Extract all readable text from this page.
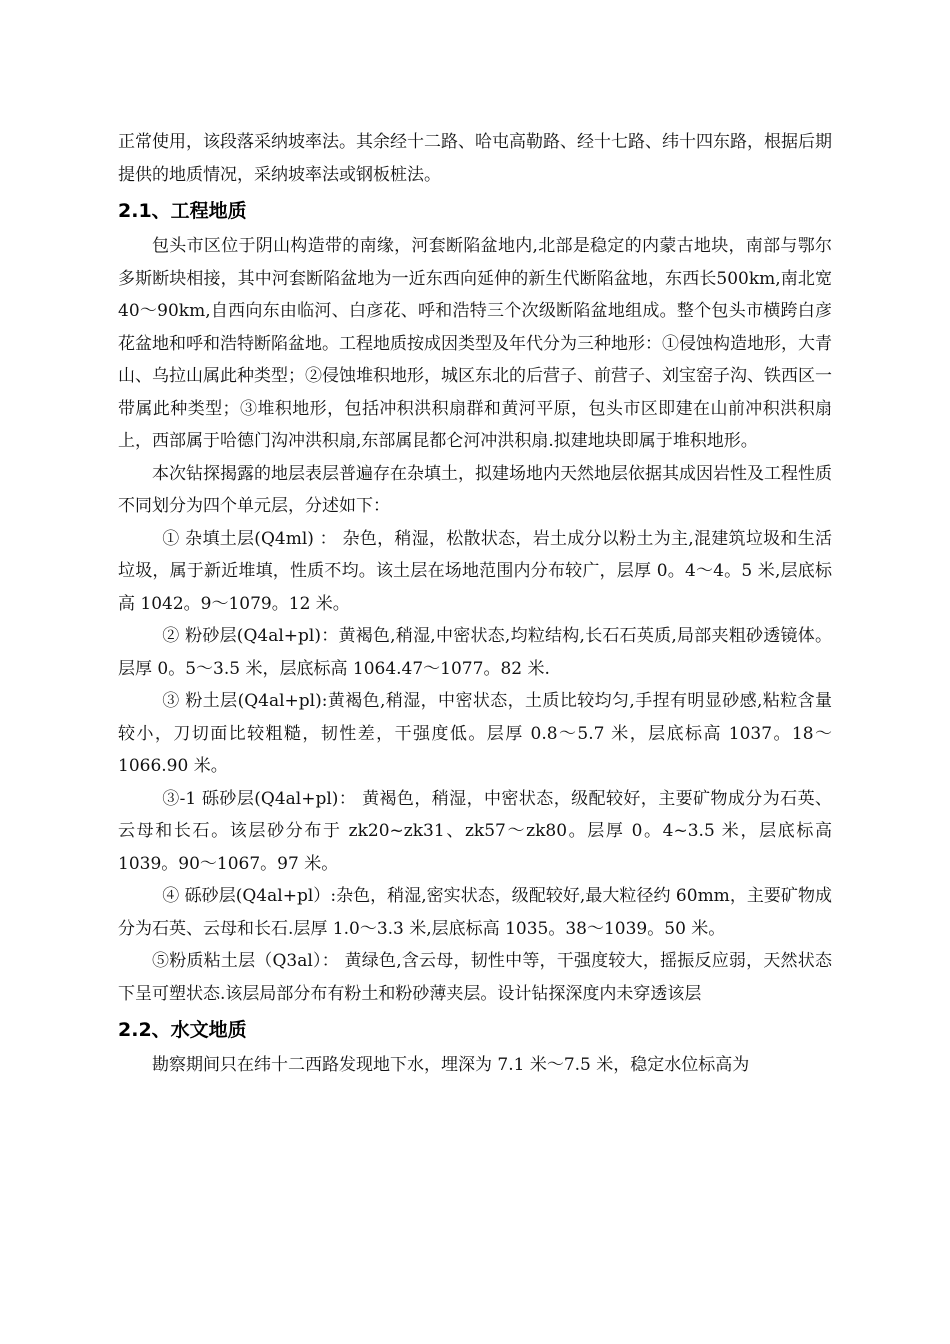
正常使用，该段落采纳坡率法。其余经十二路、哈屯高勒路、经十七路、纬十四东路，根据后期提供的地质情况，采纳坡率法或钢板桩法。

2.1、工程地质

包头市区位于阴山构造带的南缘，河套断陷盆地内,北部是稳定的内蒙古地块，南部与鄂尔多斯断块相接，其中河套断陷盆地为一近东西向延伸的新生代断陷盆地，东西长500km,南北宽40～90km,自西向东由临河、白彦花、呼和浩特三个次级断陷盆地组成。整个包头市横跨白彦花盆地和呼和浩特断陷盆地。工程地质按成因类型及年代分为三种地形：①侵蚀构造地形，大青山、乌拉山属此种类型；②侵蚀堆积地形，城区东北的后营子、前营子、刘宝窑子沟、铁西区一带属此种类型；③堆积地形，包括冲积洪积扇群和黄河平原，包头市区即建在山前冲积洪积扇上，西部属于哈德门沟冲洪积扇,东部属昆都仑河冲洪积扇.拟建地块即属于堆积地形。

本次钻探揭露的地层表层普遍存在杂填土，拟建场地内天然地层依据其成因岩性及工程性质不同划分为四个单元层，分述如下：

① 杂填土层(Q4ml) ： 杂色，稍湿，松散状态，岩土成分以粉土为主,混建筑垃圾和生活垃圾，属于新近堆填，性质不均。该土层在场地范围内分布较广，层厚 0。4～4。5 米,层底标高 1042。9～1079。12 米。

② 粉砂层(Q4al+pl)：黄褐色,稍湿,中密状态,均粒结构,长石石英质,局部夹粗砂透镜体。层厚 0。5～3.5 米，层底标高 1064.47～1077。82 米.

③ 粉土层(Q4al+pl):黄褐色,稍湿，中密状态，土质比较均匀,手捏有明显砂感,粘粒含量较小，刀切面比较粗糙，韧性差，干强度低。层厚 0.8～5.7 米，层底标高 1037。18～1066.90 米。

③-1 砾砂层(Q4al+pl)： 黄褐色，稍湿，中密状态，级配较好，主要矿物成分为石英、云母和长石。该层砂分布于 zk20~zk31、zk57～zk80。层厚 0。4~3.5 米，层底标高 1039。90～1067。97 米。

④ 砾砂层(Q4al+pl）:杂色，稍湿,密实状态，级配较好,最大粒径约 60mm，主要矿物成分为石英、云母和长石.层厚 1.0～3.3 米,层底标高 1035。38～1039。50 米。

⑤粉质粘土层（Q3al）： 黄绿色,含云母，韧性中等，干强度较大，摇振反应弱，天然状态下呈可塑状态.该层局部分布有粉土和粉砂薄夹层。设计钻探深度内未穿透该层

2.2、水文地质

勘察期间只在纬十二西路发现地下水，埋深为 7.1 米～7.5 米，稳定水位标高为
